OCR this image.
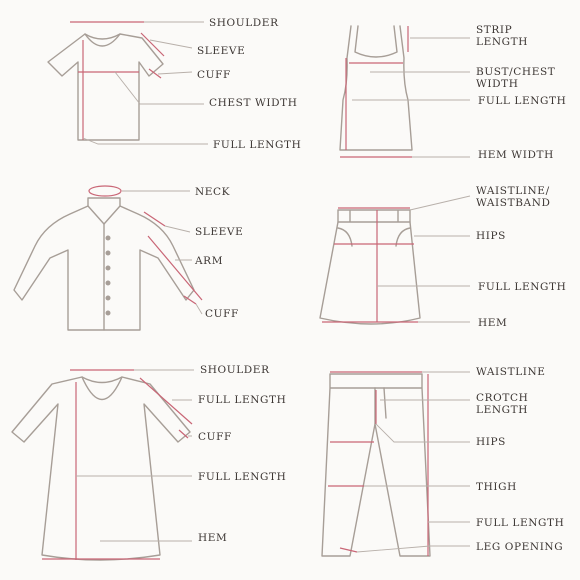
SHOULDER
SLEEVE
CUFF
CHEST WIDTH
FULL LENGTH
STRIP
LENGTH
BUST/CHEST
WIDTH
FULL LENGTH
HEM WIDTH
NECK
SLEEVE
ARM
CUFF
WAISTLINE/
WAISTBAND
HIPS
FULL LENGTH
HEM
SHOULDER
FULL LENGTH
CUFF
FULL LENGTH
HEM
WAISTLINE
CROTCH
LENGTH
HIPS
THIGH
FULL LENGTH
LEG OPENING
